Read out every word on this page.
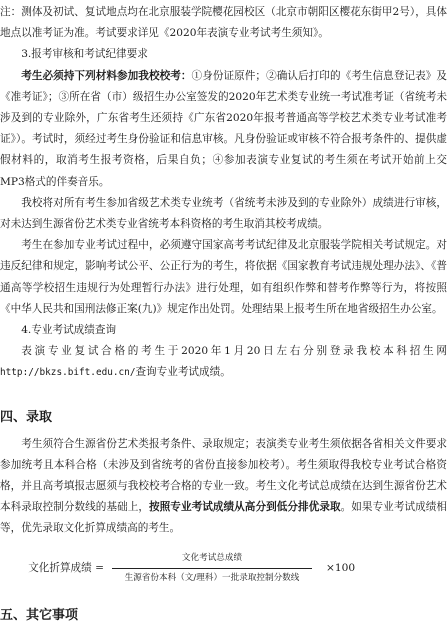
注：测体及初试、复试地点均在北京服装学院樱花园校区（北京市朝阳区樱花东街甲2号），具体地点以准考证为准。考试要求详见《2020年表演专业考试考生须知》。

3.报考审核和考试纪律要求

考生必须持下列材料参加我校校考：①身份证原件；②确认后打印的《考生信息登记表》及《准考证》；③所在省（市）级招生办公室签发的2020年艺术类专业统一考试准考证（省统考未涉及到的专业除外，广东省考生还须持《广东省2020年报考普通高等学校艺术类专业考试准考证》）。考试时，须经过考生身份验证和信息审核。凡身份验证或审核不符合报考条件的、提供虚假材料的，取消考生报考资格，后果自负；④参加表演专业复试的考生须在考试开始前上交MP3格式的伴奏音乐。

我校将对所有考生参加省级艺术类专业统考（省统考未涉及到的专业除外）成绩进行审核，对未达到生源省份艺术类专业省统考本科资格的考生取消其校考成绩。

考生在参加专业考试过程中，必须遵守国家高考考试纪律及北京服装学院相关考试规定。对违反纪律和规定，影响考试公平、公正行为的考生，将依据《国家教育考试违规处理办法》、《普通高等学校招生违规行为处理暂行办法》进行处理，如有组织作弊和替考作弊等行为，将按照《中华人民共和国刑法修正案(九)》规定作出处罚。处理结果上报考生所在地省级招生办公室。

4.专业考试成绩查询

表演专业复试合格的考生于2020年1月20日左右分别登录我校本科招生网http://bkzs.bift.edu.cn/查询专业考试成绩。

四、录取

考生须符合生源省份艺术类报考条件、录取规定；表演类专业考生须依据各省相关文件要求参加统考且本科合格（未涉及到省统考的省份直接参加校考）。考生须取得我校专业考试合格资格，并且高考填报志愿须与我校校考合格的专业一致。考生文化考试总成绩在达到生源省份艺术本科录取控制分数线的基础上，按照专业考试成绩从高分到低分排优录取。如果专业考试成绩相等，优先录取文化折算成绩高的考生。

文化折算成绩 = $\frac{\text{文化考试总成绩}}{\text{生源省份本科（文/理科）一批录取控制分数线}} \times 100$

五、其它事项
